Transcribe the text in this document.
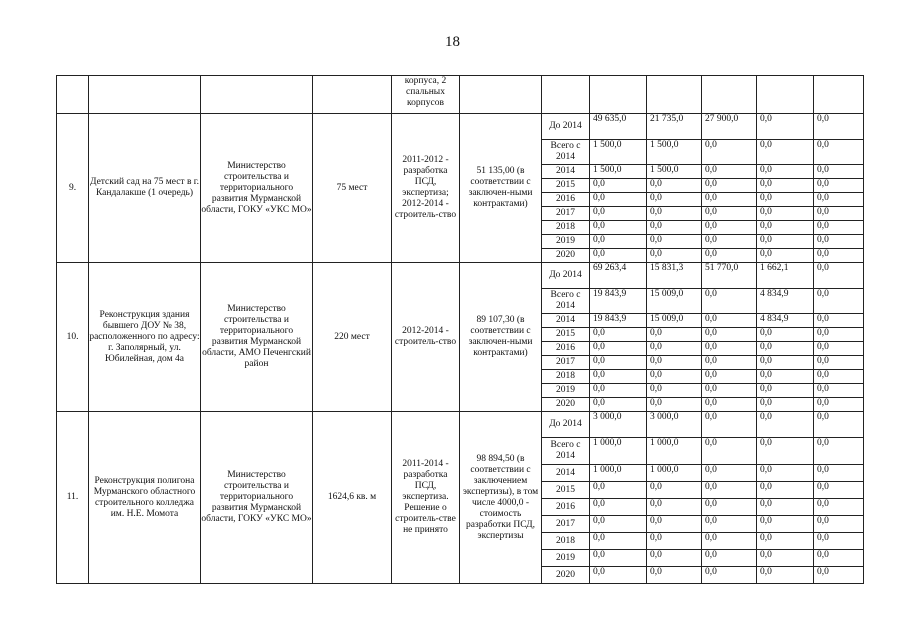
18
				корпуса, 2 спальных корпусов							
9.	Детский сад на 75 мест в г. Кандалакше (1 очередь)	Министерство строительства и территориального развития Мурманской области, ГОКУ «УКС МО»	75 мест	2011-2012 - разработка ПСД, экспертиза; 2012-2014 - строитель-ство	51 135,00 (в соответствии с заключен-ными контрактами)	До 2014	49 635,0	21 735,0	27 900,0	0,0	0,0
						Всего с 2014	1 500,0	1 500,0	0,0	0,0	0,0
						2014	1 500,0	1 500,0	0,0	0,0	0,0
						2015	0,0	0,0	0,0	0,0	0,0
						2016	0,0	0,0	0,0	0,0	0,0
						2017	0,0	0,0	0,0	0,0	0,0
						2018	0,0	0,0	0,0	0,0	0,0
						2019	0,0	0,0	0,0	0,0	0,0
						2020	0,0	0,0	0,0	0,0	0,0
10.	Реконструкция здания бывшего ДОУ № 38, расположенного по адресу: г. Заполярный, ул. Юбилейная, дом 4а	Министерство строительства и территориального развития Мурманской области, АМО Печенгский район	220 мест	2012-2014 - строитель-ство	89 107,30 (в соответствии с заключен-ными контрактами)	До 2014	69 263,4	15 831,3	51 770,0	1 662,1	0,0
						Всего с 2014	19 843,9	15 009,0	0,0	4 834,9	0,0
						2014	19 843,9	15 009,0	0,0	4 834,9	0,0
						2015	0,0	0,0	0,0	0,0	0,0
						2016	0,0	0,0	0,0	0,0	0,0
						2017	0,0	0,0	0,0	0,0	0,0
						2018	0,0	0,0	0,0	0,0	0,0
						2019	0,0	0,0	0,0	0,0	0,0
						2020	0,0	0,0	0,0	0,0	0,0
11.	Реконструкция полигона Мурманского областного строительного колледжа им. Н.Е. Момота	Министерство строительства и территориального развития Мурманской области, ГОКУ «УКС МО»	1624,6 кв. м	2011-2014 - разработка ПСД, экспертиза. Решение о строитель-стве не принято	98 894,50 (в соответствии с заключением экспертизы), в том числе 4000,0 - стоимость разработки ПСД, экспертизы	До 2014	3 000,0	3 000,0	0,0	0,0	0,0
						Всего с 2014	1 000,0	1 000,0	0,0	0,0	0,0
						2014	1 000,0	1 000,0	0,0	0,0	0,0
						2015	0,0	0,0	0,0	0,0	0,0
						2016	0,0	0,0	0,0	0,0	0,0
						2017	0,0	0,0	0,0	0,0	0,0
						2018	0,0	0,0	0,0	0,0	0,0
						2019	0,0	0,0	0,0	0,0	0,0
						2020	0,0	0,0	0,0	0,0	0,0
